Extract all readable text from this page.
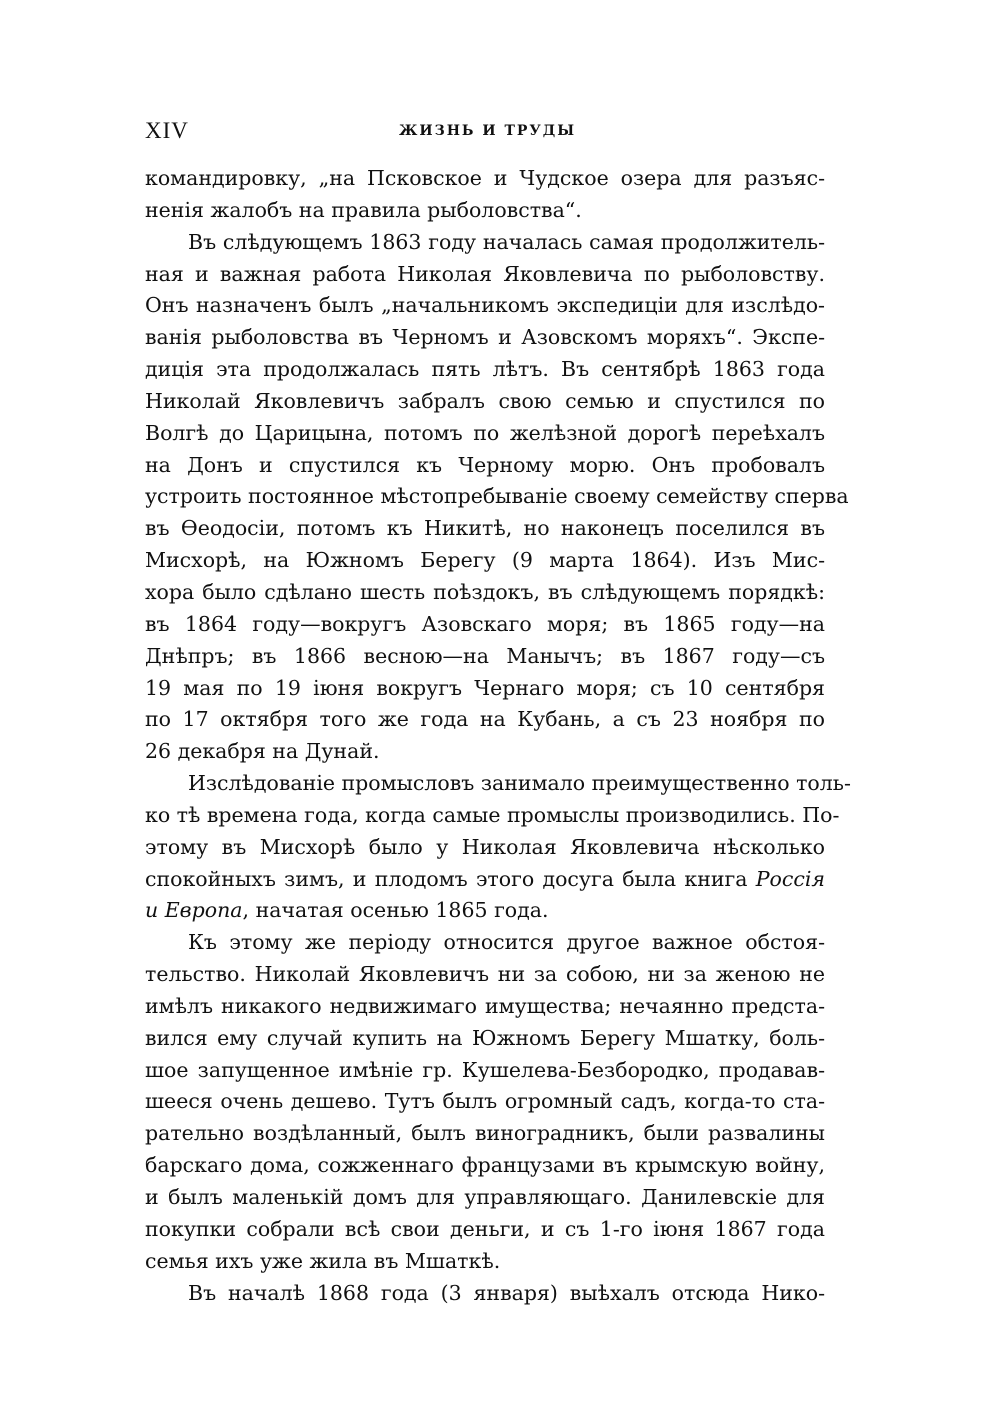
XIV	ЖИЗНЬ И ТРУДЫ
командировку, „на Псковское и Чудское озера для разъяс-
ненія жалобъ на правила рыболовства“.
Въ слѣдующемъ 1863 году началась самая продолжитель-
ная и важная работа Николая Яковлевича по рыболовству.
Онъ назначенъ былъ „начальникомъ экспедиціи для изслѣдо-
ванія рыболовства въ Черномъ и Азовскомъ моряхъ“. Экспе-
диція эта продолжалась пять лѣтъ. Въ сентябрѣ 1863 года
Николай Яковлевичъ забралъ свою семью и спустился по
Волгѣ до Царицына, потомъ по желѣзной дорогѣ переѣхалъ
на Донъ и спустился къ Черному морю. Онъ пробовалъ
устроить постоянное мѣстопребываніе своему семейству сперва
въ Ѳеодосіи, потомъ къ Никитѣ, но наконецъ поселился въ
Мисхорѣ, на Южномъ Берегу (9 марта 1864). Изъ Мис-
хора было сдѣлано шесть поѣздокъ, въ слѣдующемъ порядкѣ:
въ 1864 году—вокругъ Азовскаго моря; въ 1865 году—на
Днѣпръ; въ 1866 весною—на Манычъ; въ 1867 году—съ
19 мая по 19 іюня вокругъ Чернаго моря; съ 10 сентября
по 17 октября того же года на Кубань, а съ 23 ноября по
26 декабря на Дунай.
Изслѣдованіе промысловъ занимало преимущественно толь-
ко тѣ времена года, когда самые промыслы производились. По-
этому въ Мисхорѣ было у Николая Яковлевича нѣсколько
спокойныхъ зимъ, и плодомъ этого досуга была книга Россія
и Европа, начатая осенью 1865 года.
Къ этому же періоду относится другое важное обстоя-
тельство. Николай Яковлевичъ ни за собою, ни за женою не
имѣлъ никакого недвижимаго имущества; нечаянно предста-
вился ему случай купить на Южномъ Берегу Мшатку, боль-
шое запущенное имѣніе гр. Кушелева-Безбородко, продавав-
шееся очень дешево. Тутъ былъ огромный садъ, когда-то ста-
рательно воздѣланный, былъ виноградникъ, были развалины
барскаго дома, сожженнаго французами въ крымскую войну,
и былъ маленькій домъ для управляющаго. Данилевскіе для
покупки собрали всѣ свои деньги, и съ 1-го іюня 1867 года
семья ихъ уже жила въ Мшаткѣ.
Въ началѣ 1868 года (3 января) выѣхалъ отсюда Нико-
